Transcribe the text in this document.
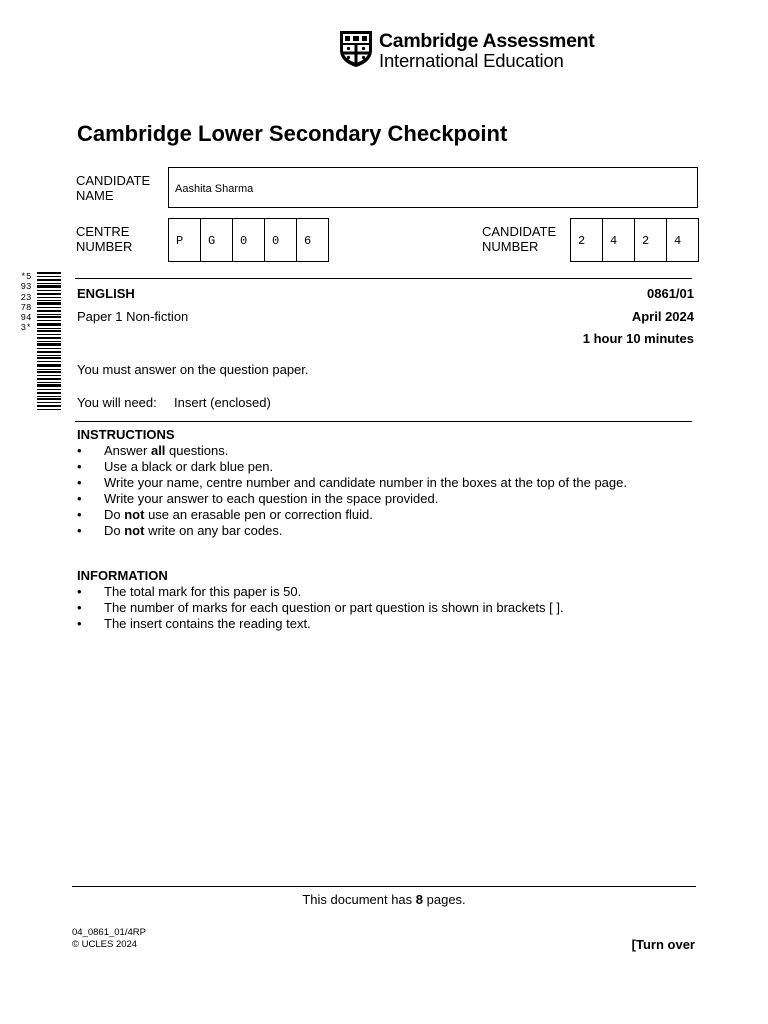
Cambridge Assessment
International Education
Cambridge Lower Secondary Checkpoint
CANDIDATE
NAME	Aashita Sharma
CENTRE
NUMBER	P	G	0	0	6
CANDIDATE
NUMBER	2	4	2	4
*5932378943*
ENGLISH	0861/01
Paper 1 Non-fiction	April 2024
1 hour 10 minutes
You must answer on the question paper.
You will need: Insert (enclosed)
INSTRUCTIONS
• Answer all questions.
• Use a black or dark blue pen.
• Write your name, centre number and candidate number in the boxes at the top of the page.
• Write your answer to each question in the space provided.
• Do not use an erasable pen or correction fluid.
• Do not write on any bar codes.
INFORMATION
• The total mark for this paper is 50.
• The number of marks for each question or part question is shown in brackets [ ].
• The insert contains the reading text.
This document has 8 pages.
04_0861_01/4RP
© UCLES 2024	[Turn over
